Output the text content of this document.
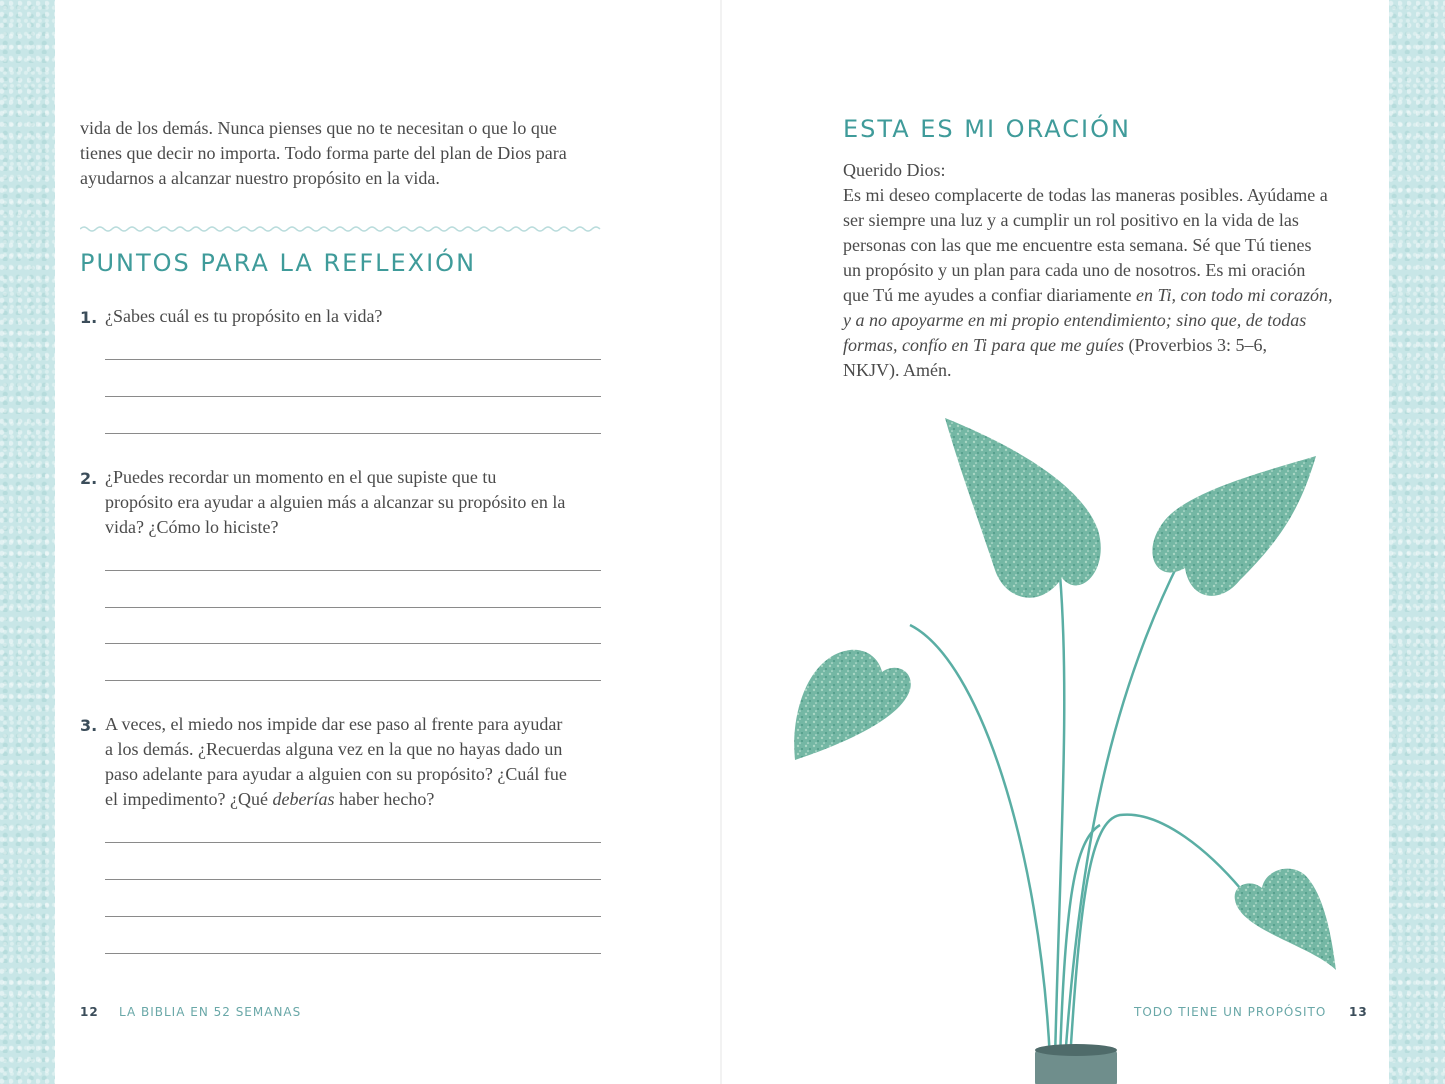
vida de los demás. Nunca pienses que no te necesitan o que lo que
tienes que decir no importa. Todo forma parte del plan de Dios para
ayudarnos a alcanzar nuestro propósito en la vida.
PUNTOS PARA LA REFLEXIÓN
1. ¿Sabes cuál es tu propósito en la vida?
2. ¿Puedes recordar un momento en el que supiste que tu
propósito era ayudar a alguien más a alcanzar su propósito en la
vida? ¿Cómo lo hiciste?
3. A veces, el miedo nos impide dar ese paso al frente para ayudar
a los demás. ¿Recuerdas alguna vez en la que no hayas dado un
paso adelante para ayudar a alguien con su propósito? ¿Cuál fue
el impedimento? ¿Qué deberías haber hecho?
12 LA BIBLIA EN 52 SEMANAS
ESTA ES MI ORACIÓN
Querido Dios:
Es mi deseo complacerte de todas las maneras posibles. Ayúdame a
ser siempre una luz y a cumplir un rol positivo en la vida de las
personas con las que me encuentre esta semana. Sé que Tú tienes
un propósito y un plan para cada uno de nosotros. Es mi oración
que Tú me ayudes a confiar diariamente en Ti, con todo mi corazón,
y a no apoyarme en mi propio entendimiento; sino que, de todas
formas, confío en Ti para que me guíes (Proverbios 3: 5–6,
NKJV). Amén.
TODO TIENE UN PROPÓSITO 13
